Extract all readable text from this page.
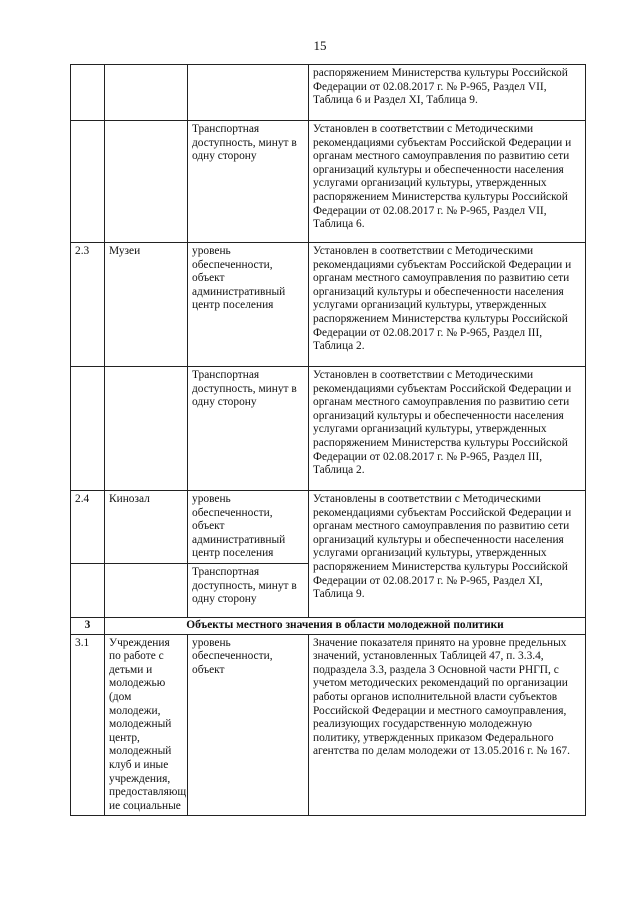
15
			распоряжением Министерства культуры Российской Федерации от 02.08.2017 г. № Р-965, Раздел VII, Таблица 6 и Раздел XI, Таблица 9.
		Транспортная доступность, минут в одну сторону	Установлен в соответствии с Методическими рекомендациями субъектам Российской Федерации и органам местного самоуправления по развитию сети организаций культуры и обеспеченности населения услугами организаций культуры, утвержденных распоряжением Министерства культуры Российской Федерации от 02.08.2017 г. № Р-965, Раздел VII, Таблица 6.
2.3	Музеи	уровень обеспеченности, объект административный центр поселения	Установлен в соответствии с Методическими рекомендациями субъектам Российской Федерации и органам местного самоуправления по развитию сети организаций культуры и обеспеченности населения услугами организаций культуры, утвержденных распоряжением Министерства культуры Российской Федерации от 02.08.2017 г. № Р-965, Раздел III, Таблица 2.
		Транспортная доступность, минут в одну сторону	Установлен в соответствии с Методическими рекомендациями субъектам Российской Федерации и органам местного самоуправления по развитию сети организаций культуры и обеспеченности населения услугами организаций культуры, утвержденных распоряжением Министерства культуры Российской Федерации от 02.08.2017 г. № Р-965, Раздел III, Таблица 2.
2.4	Кинозал	уровень обеспеченности, объект административный центр поселения	Установлены в соответствии с Методическими рекомендациями субъектам Российской Федерации и органам местного самоуправления по развитию сети организаций культуры и обеспеченности населения услугами организаций культуры, утвержденных распоряжением Министерства культуры Российской Федерации от 02.08.2017 г. № Р-965, Раздел XI, Таблица 9.
		Транспортная доступность, минут в одну сторону	
3	Объекты местного значения в области молодежной политики		
3.1	Учреждения по работе с детьми и молодежью (дом молодежи, молодежный центр, молодежный клуб и иные учреждения, предоставляющ ие социальные	уровень обеспеченности, объект	Значение показателя принято на уровне предельных значений, установленных Таблицей 47, п. 3.3.4, подраздела 3.3, раздела 3 Основной части РНГП, с учетом методических рекомендаций по организации работы органов исполнительной власти субъектов Российской Федерации и местного самоуправления, реализующих государственную молодежную политику, утвержденных приказом Федерального агентства по делам молодежи от 13.05.2016 г. № 167.
